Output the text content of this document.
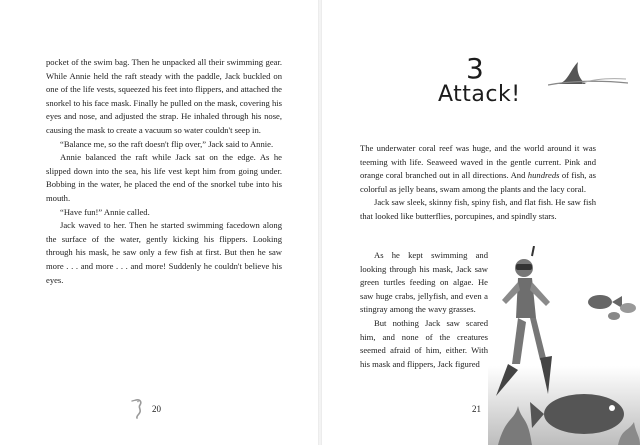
pocket of the swim bag. Then he unpacked all their swimming gear. While Annie held the raft steady with the paddle, Jack buckled on one of the life vests, squeezed his feet into flippers, and attached the snorkel to his face mask. Finally he pulled on the mask, covering his eyes and nose, and adjusted the strap. He inhaled through his nose, causing the mask to create a vacuum so water couldn't seep in.

“Balance me, so the raft doesn't flip over,” Jack said to Annie.

Annie balanced the raft while Jack sat on the edge. As he slipped down into the sea, his life vest kept him from going under. Bobbing in the water, he placed the end of the snorkel tube into his mouth.

“Have fun!” Annie called.

Jack waved to her. Then he started swimming facedown along the surface of the water, gently kicking his flippers. Looking through his mask, he saw only a few fish at first. But then he saw more . . . and more . . . and more! Suddenly he couldn't believe his eyes.

20
3
Attack!

The underwater coral reef was huge, and the world around it was teeming with life. Seaweed waved in the gentle current. Pink and orange coral branched out in all directions. And hundreds of fish, as colorful as jelly beans, swam among the plants and the lacy coral.

Jack saw sleek, skinny fish, spiny fish, and flat fish. He saw fish that looked like butterflies, porcupines, and spindly stars.

As he kept swimming and looking through his mask, Jack saw green turtles feeding on algae. He saw huge crabs, jellyfish, and even a stingray among the wavy grasses.

But nothing Jack saw scared him, and none of the creatures seemed afraid of him, either. With his mask and flippers, Jack figured

21
